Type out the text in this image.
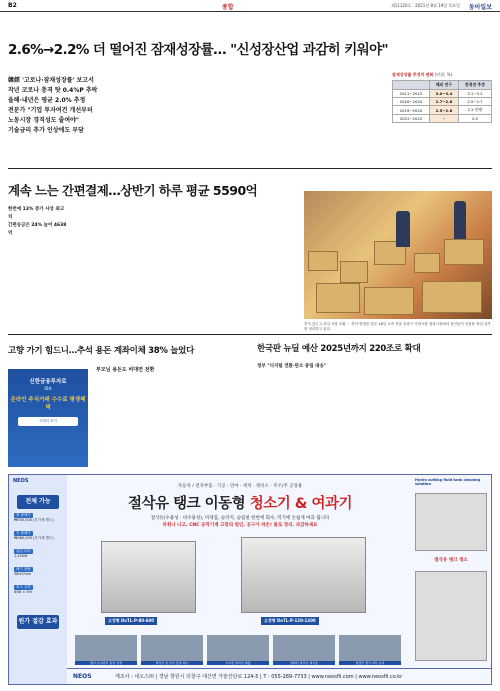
B2	종합	제11120호 · 2021년 8월 19일 목요일 동아일보
2.6%→2.2% 더 떨어진 잠재성장률… "신성장산업 과감히 키워야"
韓經 '고로나·잠재성장률' 보고서
작년 코로나 충격 탓 0.4%P 추락
올해·내년은 평균 2.0% 추정
전문가 "기업 투자여건 개선부터
노동시장 경직성도 줄여야"
기술금리 추가 인상에도 부담
잠재성장률 추정치 변화 (단위: %)
	해외 연구	한경연 추정
2011~2015	3.0~3.4	3.1~3.2
2016~2020	2.7~2.8	2.5~2.7
2019~2020	2.5~2.6	2.2 안팎
2021~2022	-	2.0
계속 느는 간편결제…상반기 하루 평균 5590억
한번에 13% 증가 사상 최고치
간편송금은 24% 늘어 4638억
추석 앞두고 과일 시장 호황 ㅡ 추석 명절을 앞둔 18일 오전 서울 송파구 가락시장 청과시장에서 상인들이 선물용 과일 상자를 정리하고 있다.
고향 가기 힘드니…추석 용돈 계좌이체 38% 늘었다
신한금융투자로
ISA
온라인 주식거래 수수료 평생혜택
자세히 보기
부모님 용돈도 비대면 전환
한국판 뉴딜 예산 2025년까지 220조로 확대
정부 "디지털 전환·탄소 중립 대응"
NEOS
전체 가능
장 판매가
₩330,000 (부가세 별도)
추 판매가
₩480,000 (부가세 별도)
흡입 모터
1,400W
배기 풍량
38m³/min
호스 규격
Φ38 × 5m
원가 절감 효과
자동차 / 전자부품 · 기공 · 연마 · 세척 · 정비소 · 주조/주 공장용
절삭유 탱크 이동형 청소기 & 여과기
절삭유(수용성 · 비수용성), 미세칩, 슬러지, 슬럼핏 한번에 회수, 역기에 손쉽게 여과 됩니다
악취나 나고, CNC 공작기계 고장의 원인, 공구가 파손! 물로 정리. 과감하세요
고정형 DoTL-P-80-600	고정형 DoTL-P-120-1200
탱크 유지관리 흡입 전경	절삭유 및 잔여 물질 회수	수거된 슬러지 배출	정화된 절삭유 재사용	청정한 탱크 내부 유지
Hydro cutting fluid tank cleaning solution
절삭유 탱크 청소
NEOS	제조사 : 네오스㈜ | 경남 창원시 의창구 대산면 가술산단로 124-5 | T : 055-289-7733 | www.neosfil.com | www.neosfil.co.kr
